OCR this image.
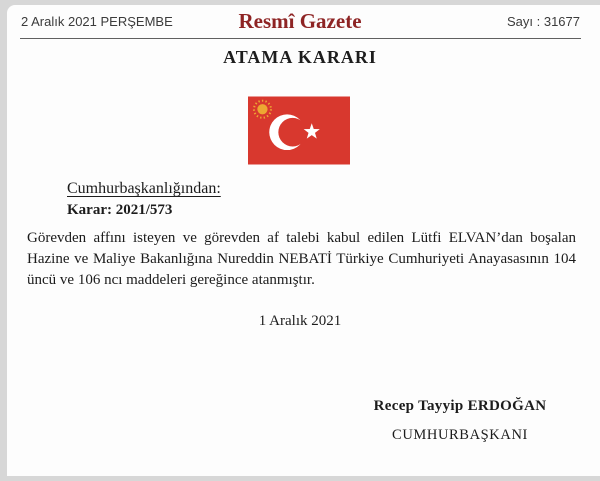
2 Aralık 2021 PERŞEMBE	Resmî Gazete	Sayı : 31677
ATAMA KARARI
Cumhurbaşkanlığından:
Karar: 2021/573
Görevden affını isteyen ve görevden af talebi kabul edilen Lütfi ELVAN’dan boşalan Hazine ve Maliye Bakanlığına Nureddin NEBATİ Türkiye Cumhuriyeti Anayasasının 104 üncü ve 106 ncı maddeleri gereğince atanmıştır.
1 Aralık 2021
Recep Tayyip ERDOĞAN
CUMHURBAŞKANI
